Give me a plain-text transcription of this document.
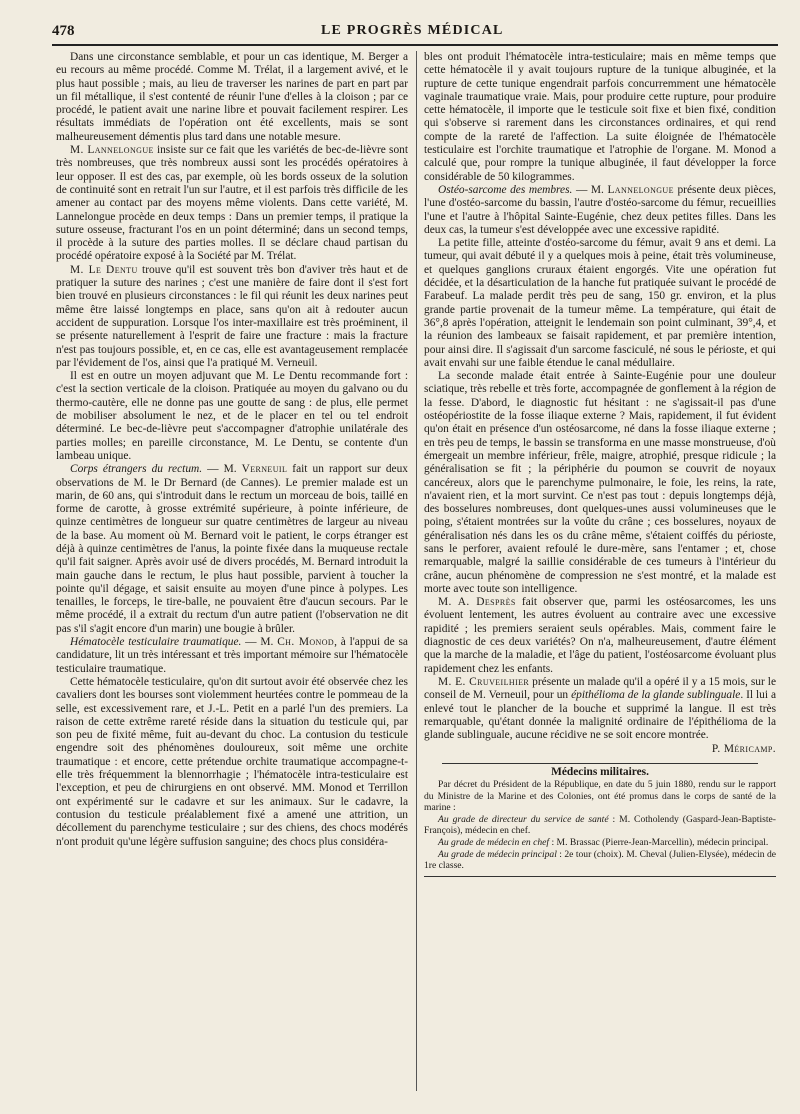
478	LE PROGRÈS MÉDICAL

Dans une circonstance semblable, et pour un cas identique, M. Berger a eu recours au même procédé. Comme M. Trélat, il a largement avivé, et le plus haut possible ; mais, au lieu de traverser les narines de part en part par un fil métallique, il s'est contenté de réunir l'une d'elles à la cloison ; par ce procédé, le patient avait une narine libre et pouvait facilement respirer. Les résultats immédiats de l'opération ont été excellents, mais se sont malheureusement démentis plus tard dans une notable mesure.

M. Lannelongue insiste sur ce fait que les variétés de bec-de-lièvre sont très nombreuses, que très nombreux aussi sont les procédés opératoires à leur opposer. Il est des cas, par exemple, où les bords osseux de la solution de continuité sont en retrait l'un sur l'autre, et il est parfois très difficile de les amener au contact par des moyens même violents. Dans cette variété, M. Lannelongue procède en deux temps : Dans un premier temps, il pratique la suture osseuse, fracturant l'os en un point déterminé; dans un second temps, il procède à la suture des parties molles. Il se déclare chaud partisan du procédé opératoire exposé à la Société par M. Trélat.

M. Le Dentu trouve qu'il est souvent très bon d'aviver très haut et de pratiquer la suture des narines ; c'est une manière de faire dont il s'est fort bien trouvé en plusieurs circonstances : le fil qui réunit les deux narines peut même être laissé longtemps en place, sans qu'on ait à redouter aucun accident de suppuration. Lorsque l'os inter-maxillaire est très proéminent, il se présente naturellement à l'esprit de faire une fracture : mais la fracture n'est pas toujours possible, et, en ce cas, elle est avantageusement remplacée par l'évidement de l'os, ainsi que l'a pratiqué M. Verneuil.

Il est en outre un moyen adjuvant que M. Le Dentu recommande fort : c'est la section verticale de la cloison. Pratiquée au moyen du galvano ou du thermo-cautère, elle ne donne pas une goutte de sang : de plus, elle permet de mobiliser absolument le nez, et de le placer en tel ou tel endroit déterminé. Le bec-de-lièvre peut s'accompagner d'atrophie unilatérale des parties molles; en pareille circonstance, M. Le Dentu, se contente d'un lambeau unique.

Corps étrangers du rectum. — M. Verneuil fait un rapport sur deux observations de M. le Dr Bernard (de Cannes). Le premier malade est un marin, de 60 ans, qui s'introduit dans le rectum un morceau de bois, taillé en forme de carotte, à grosse extrémité supérieure, à pointe inférieure, de quinze centimètres de longueur sur quatre centimètres de largeur au niveau de la base. Au moment où M. Bernard voit le patient, le corps étranger est déjà à quinze centimètres de l'anus, la pointe fixée dans la muqueuse rectale qu'il fait saigner. Après avoir usé de divers procédés, M. Bernard introduit la main gauche dans le rectum, le plus haut possible, parvient à toucher la pointe qu'il dégage, et saisit ensuite au moyen d'une pince à polypes. Les tenailles, le forceps, le tire-balle, ne pouvaient être d'aucun secours. Par le même procédé, il a extrait du rectum d'un autre patient (l'observation ne dit pas s'il s'agit encore d'un marin) une bougie à brûler.

Hématocèle testiculaire traumatique. — M. Ch. Monod, à l'appui de sa candidature, lit un très intéressant et très important mémoire sur l'hématocèle testiculaire traumatique.

Cette hématocèle testiculaire, qu'on dit surtout avoir été observée chez les cavaliers dont les bourses sont violemment heurtées contre le pommeau de la selle, est excessivement rare, et J.-L. Petit en a parlé l'un des premiers. La raison de cette extrême rareté réside dans la situation du testicule qui, par son peu de fixité même, fuit au-devant du choc. La contusion du testicule engendre soit des phénomènes douloureux, soit même une orchite traumatique : et encore, cette prétendue orchite traumatique accompagne-t-elle très fréquemment la blennorrhagie ; l'hématocèle intra-testiculaire est l'exception, et peu de chirurgiens en ont observé. MM. Monod et Terrillon ont expérimenté sur le cadavre et sur les animaux. Sur le cadavre, la contusion du testicule préalablement fixé a amené une attrition, un décollement du parenchyme testiculaire ; sur des chiens, des chocs modérés n'ont produit qu'une légère suffusion sanguine; des chocs plus considéra-

bles ont produit l'hématocèle intra-testiculaire; mais en même temps que cette hématocèle il y avait toujours rupture de la tunique albuginée, et la rupture de cette tunique engendrait parfois concurremment une hématocèle vaginale traumatique vraie. Mais, pour produire cette rupture, pour produire cette hématocèle, il importe que le testicule soit fixe et bien fixé, condition qui s'observe si rarement dans les circonstances ordinaires, et qui rend compte de la rareté de l'affection. La suite éloignée de l'hématocèle testiculaire est l'orchite traumatique et l'atrophie de l'organe. M. Monod a calculé que, pour rompre la tunique albuginée, il faut développer la force considérable de 50 kilogrammes.

Ostéo-sarcome des membres. — M. Lannelongue présente deux pièces, l'une d'ostéo-sarcome du bassin, l'autre d'ostéo-sarcome du fémur, recueillies l'une et l'autre à l'hôpital Sainte-Eugénie, chez deux petites filles. Dans les deux cas, la tumeur s'est développée avec une excessive rapidité.

La petite fille, atteinte d'ostéo-sarcome du fémur, avait 9 ans et demi. La tumeur, qui avait débuté il y a quelques mois à peine, était très volumineuse, et quelques ganglions cruraux étaient engorgés. Vite une opération fut décidée, et la désarticulation de la hanche fut pratiquée suivant le procédé de Farabeuf. La malade perdit très peu de sang, 150 gr. environ, et la plus grande partie provenait de la tumeur même. La température, qui était de 36°,8 après l'opération, atteignit le lendemain son point culminant, 39°,4, et la réunion des lambeaux se faisait rapidement, et par première intention, pour ainsi dire. Il s'agissait d'un sarcome fasciculé, né sous le périoste, et qui avait envahi sur une faible étendue le canal médullaire.

La seconde malade était entrée à Sainte-Eugénie pour une douleur sciatique, très rebelle et très forte, accompagnée de gonflement à la région de la fesse. D'abord, le diagnostic fut hésitant : ne s'agissait-il pas d'une ostéopériostite de la fosse iliaque externe ? Mais, rapidement, il fut évident qu'on était en présence d'un ostéosarcome, né dans la fosse iliaque externe ; en très peu de temps, le bassin se transforma en une masse monstrueuse, d'où émergeait un membre inférieur, frêle, maigre, atrophié, presque ridicule ; la généralisation se fit ; la périphérie du poumon se couvrit de noyaux cancéreux, alors que le parenchyme pulmonaire, le foie, les reins, la rate, n'avaient rien, et la mort survint. Ce n'est pas tout : depuis longtemps déjà, des bosselures nombreuses, dont quelques-unes aussi volumineuses que le poing, s'étaient montrées sur la voûte du crâne ; ces bosselures, noyaux de généralisation nés dans les os du crâne même, s'étaient coiffés du périoste, sans le perforer, avaient refoulé le dure-mère, sans l'entamer ; et, chose remarquable, malgré la saillie considérable de ces tumeurs à l'intérieur du crâne, aucun phénomène de compression ne s'est montré, et la malade est morte avec toute son intelligence.

M. A. Desprès fait observer que, parmi les ostéosarcomes, les uns évoluent lentement, les autres évoluent au contraire avec une excessive rapidité ; les premiers seraient seuls opérables. Mais, comment faire le diagnostic de ces deux variétés? On n'a, malheureusement, d'autre élément que la marche de la maladie, et l'âge du patient, l'ostéosarcome évoluant plus rapidement chez les enfants.

M. E. Cruveilhier présente un malade qu'il a opéré il y a 15 mois, sur le conseil de M. Verneuil, pour un épithélioma de la glande sublinguale. Il lui a enlevé tout le plancher de la bouche et supprimé la langue. Il est très remarquable, qu'étant donnée la malignité ordinaire de l'épithélioma de la glande sublinguale, aucune récidive ne se soit encore montrée.

P. Méricamp.

Médecins militaires.

Par décret du Président de la République, en date du 5 juin 1880, rendu sur le rapport du Ministre de la Marine et des Colonies, ont été promus dans le corps de santé de la marine :

Au grade de directeur du service de santé : M. Cotholendy (Gaspard-Jean-Baptiste-François), médecin en chef.

Au grade de médecin en chef : M. Brassac (Pierre-Jean-Marcellin), médecin principal.

Au grade de médecin principal : 2e tour (choix). M. Cheval (Julien-Elysée), médecin de 1re classe.
